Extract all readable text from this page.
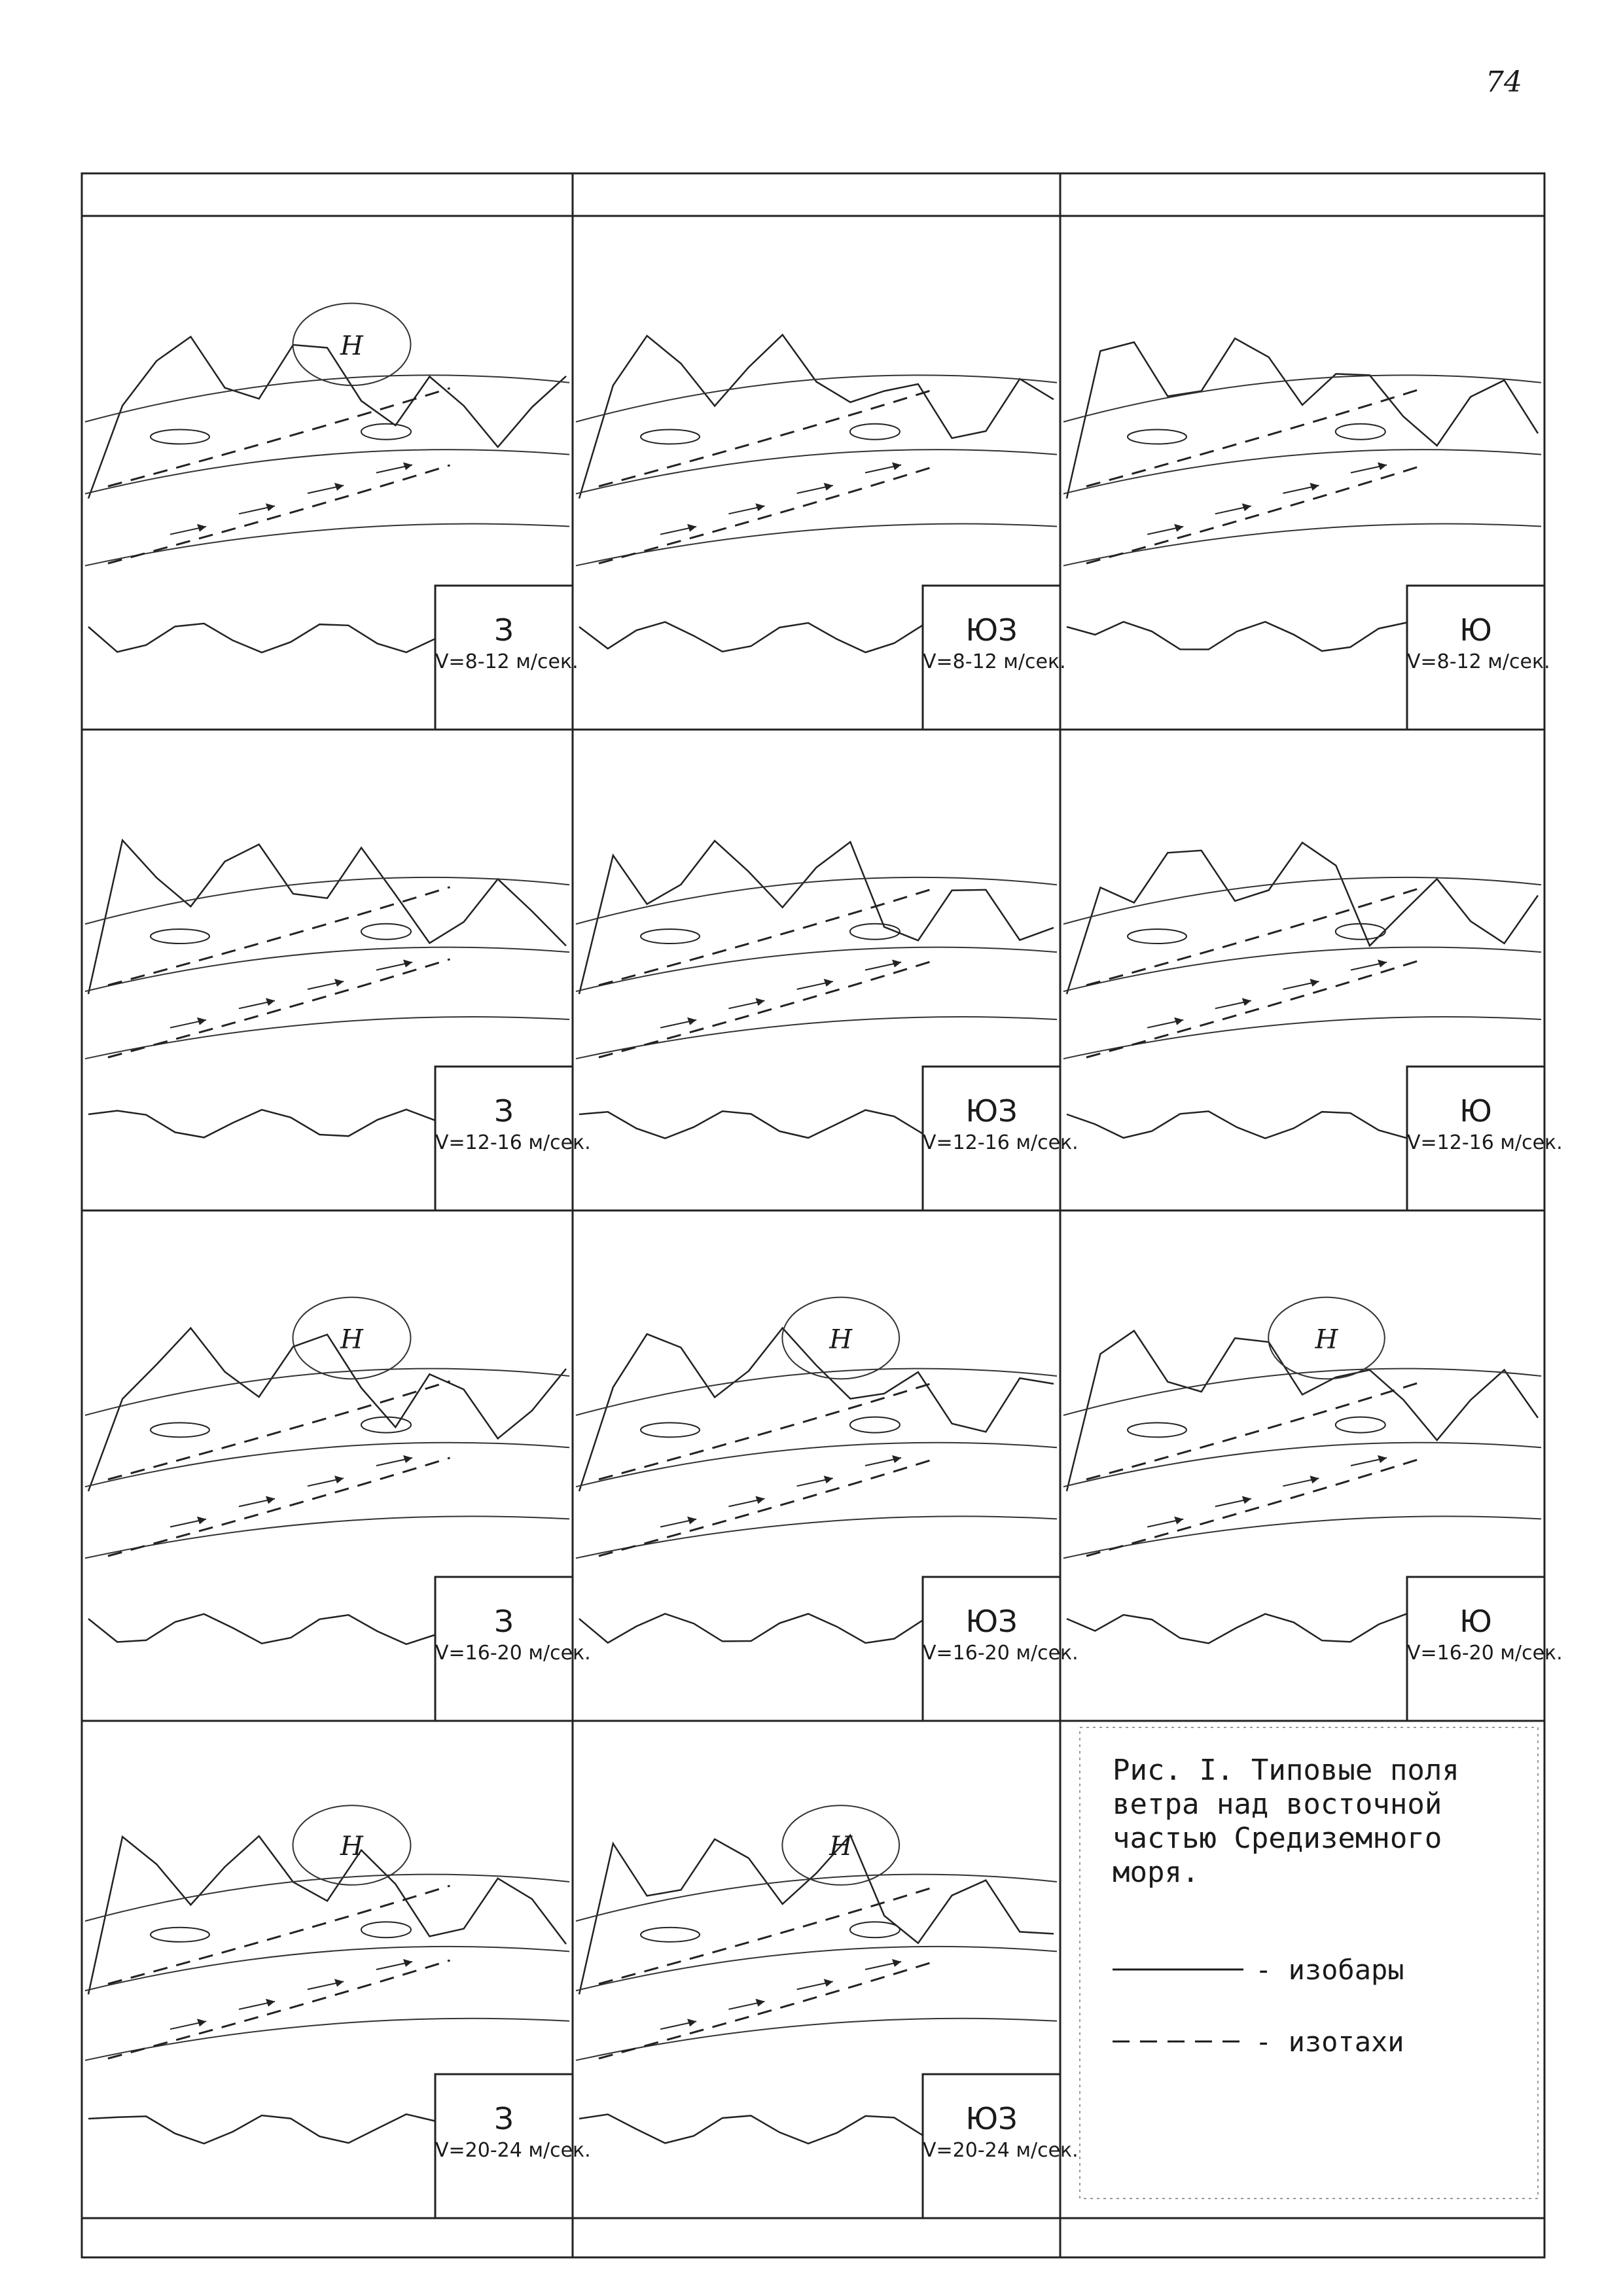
74
Н
Н	Н	Н
Н	Н
З
V=8-12 м/сек.
ЮЗ
V=8-12 м/сек.
Ю
V=8-12 м/сек.
З
V=12-16 м/сек.
ЮЗ
V=12-16 м/сек.
Ю
V=12-16 м/сек.
З
V=16-20 м/сек.
ЮЗ
V=16-20 м/сек.
Ю
V=16-20 м/сек.
З
V=20-24 м/сек.
ЮЗ
V=20-24 м/сек.
Рис. I. Типовые поля
ветра над восточной
частью Средиземного
моря.
- изобары
- изотахи
